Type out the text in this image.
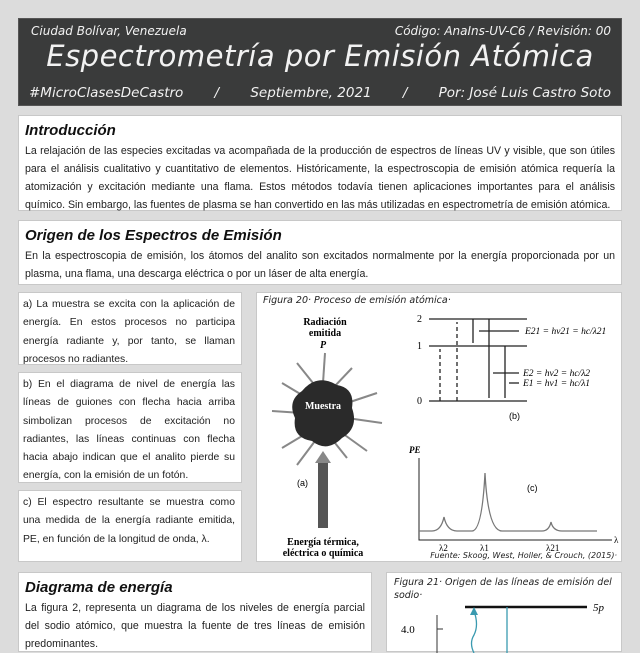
Ciudad Bolívar, Venezuela	Código: AnaIns-UV-C6 / Revisión: 00
Espectrometría por Emisión Atómica
#MicroClasesDeCastro / Septiembre, 2021 / Por: José Luis Castro Soto
Introducción

La relajación de las especies excitadas va acompañada de la producción de espectros de líneas UV y visible, que son útiles para el análisis cualitativo y cuantitativo de elementos. Históricamente, la espectroscopia de emisión atómica requería la atomización y excitación mediante una flama. Estos métodos todavía tienen aplicaciones importantes para el análisis químico. Sin embargo, las fuentes de plasma se han convertido en las más utilizadas en espectrometría de emisión atómica.

Origen de los Espectros de Emisión

En la espectroscopia de emisión, los átomos del analito son excitados normalmente por la energía proporcionada por un plasma, una flama, una descarga eléctrica o por un láser de alta energía.

a) La muestra se excita con la aplicación de energía. En estos procesos no participa energía radiante y, por tanto, se llaman procesos no radiantes.

b) En el diagrama de nivel de energía las líneas de guiones con flecha hacia arriba simbolizan procesos de excitación no radiantes, las líneas continuas con flecha hacia abajo indican que el analito pierde su energía, con la emisión de un fotón.

c) El espectro resultante se muestra como una medida de la energía radiante emitida, PE, en función de la longitud de onda, λ.

Figura 20· Proceso de emisión atómica·
Radiación
emitida
P
Muestra
(a)
Energía térmica,
eléctrica o química
2
1
0
E21 = hν21 = hc/λ21
E2 = hν2 = hc/λ2
E1 = hν1 = hc/λ1
(b)
PE
(c)
λ2	λ1	λ21
λ
Fuente: Skoog, West, Holler, & Crouch, (2015)·
Diagrama de energía

La figura 2, representa un diagrama de los niveles de energía parcial del sodio atómico, que muestra la fuente de tres líneas de emisión predominantes.

Figura 21· Origen de las líneas de emisión del sodio·
5p
4.0
